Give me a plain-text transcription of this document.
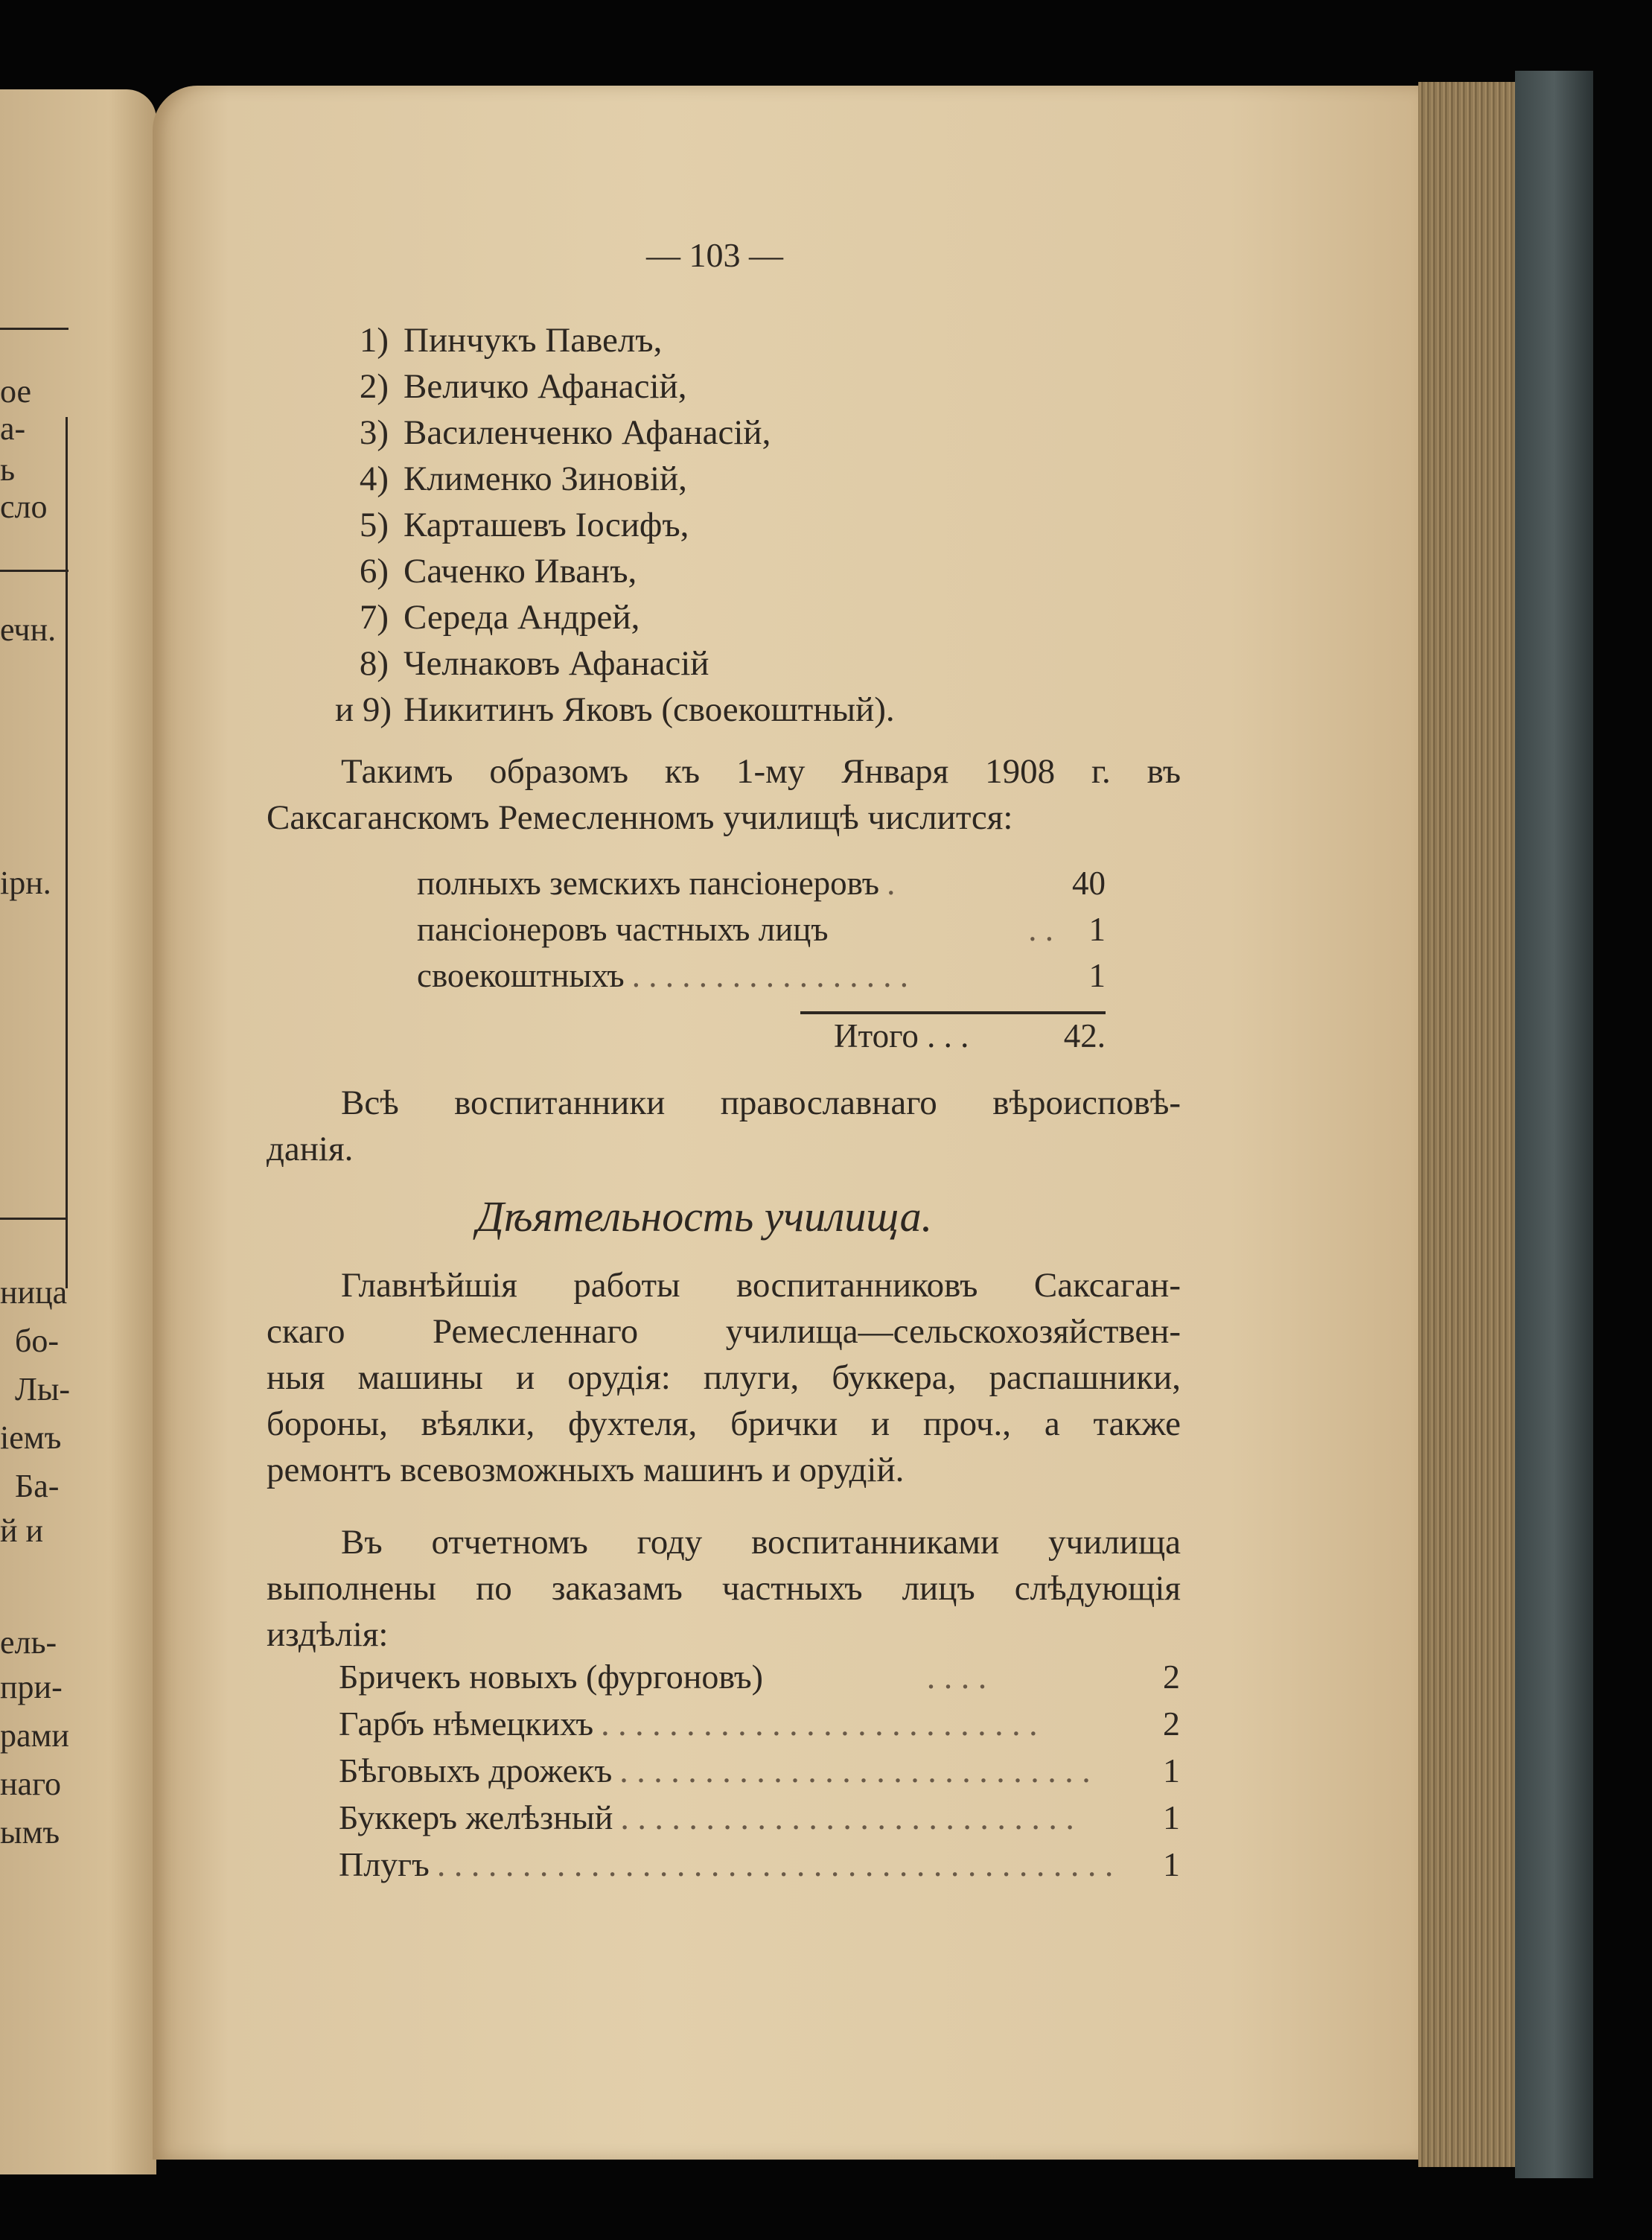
ое
а-
ь
сло
ечн.
ірн.
ница
бо-
Лы-
іемъ
Ба-
й и
ель-
при-
рами
наго
ымъ
— 103 —
1) Пинчукъ Павелъ,
2) Величко Афанасій,
3) Василенченко Афанасій,
4) Клименко Зиновій,
5) Карташевъ Іосифъ,
6) Саченко Иванъ,
7) Середа Андрей,
8) Челнаковъ Афанасій
и 9) Никитинъ Яковъ (своекоштный).
Такимъ образомъ къ 1-му Января 1908 г. въ
Саксаганскомъ Ремесленномъ училищѣ числится:
полныхъ земскихъ пансіонеровъ .	40
пансіонеровъ частныхъ лицъ	. .	1
своекоштныхъ . . . . . . . . . . . . . . . . .	1
Итого . . .	42.
Всѣ воспитанники православнаго вѣроисповѣ-
данія.
Дѣятельность училища.
Главнѣйшія работы воспитанниковъ Саксаган-
скаго Ремесленнаго училища—сельскохозяйствен-
ныя машины и орудія: плуги, буккера, распашники,
бороны, вѣялки, фухтеля, брички и проч., а также
ремонтъ всевозможныхъ машинъ и орудій.
Въ отчетномъ году воспитанниками училища
выполнены по заказамъ частныхъ лицъ слѣдующія
издѣлія:
Бричекъ новыхъ (фургоновъ)	. . . .	2
Гарбъ нѣмецкихъ . . . . . . . . . . . . . . . . . . . . . . . . . .	2
Бѣговыхъ дрожекъ . . . . . . . . . . . . . . . . . . . . . . . . . . . .	1
Буккеръ желѣзный . . . . . . . . . . . . . . . . . . . . . . . . . . .	1
Плугъ . . . . . . . . . . . . . . . . . . . . . . . . . . . . . . . . . . . . . . . .	1
